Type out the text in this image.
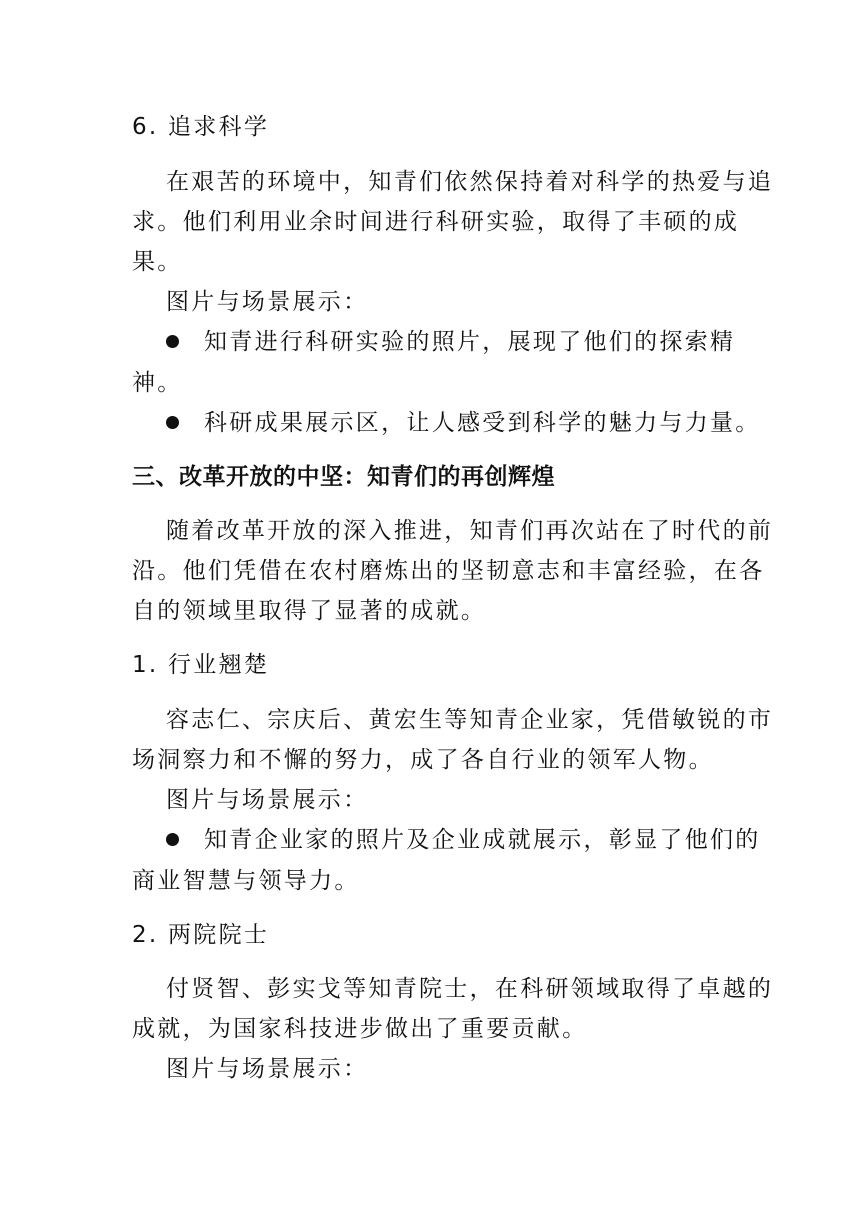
6. 追求科学
在艰苦的环境中，知青们依然保持着对科学的热爱与追
求。他们利用业余时间进行科研实验，取得了丰硕的成
果。
图片与场景展示：
知青进行科研实验的照片，展现了他们的探索精
神。
科研成果展示区，让人感受到科学的魅力与力量。
三、改革开放的中坚：知青们的再创辉煌
随着改革开放的深入推进，知青们再次站在了时代的前
沿。他们凭借在农村磨炼出的坚韧意志和丰富经验，在各
自的领域里取得了显著的成就。
1. 行业翘楚
容志仁、宗庆后、黄宏生等知青企业家，凭借敏锐的市
场洞察力和不懈的努力，成了各自行业的领军人物。
图片与场景展示：
知青企业家的照片及企业成就展示，彰显了他们的
商业智慧与领导力。
2. 两院院士
付贤智、彭实戈等知青院士，在科研领域取得了卓越的
成就，为国家科技进步做出了重要贡献。
图片与场景展示：
